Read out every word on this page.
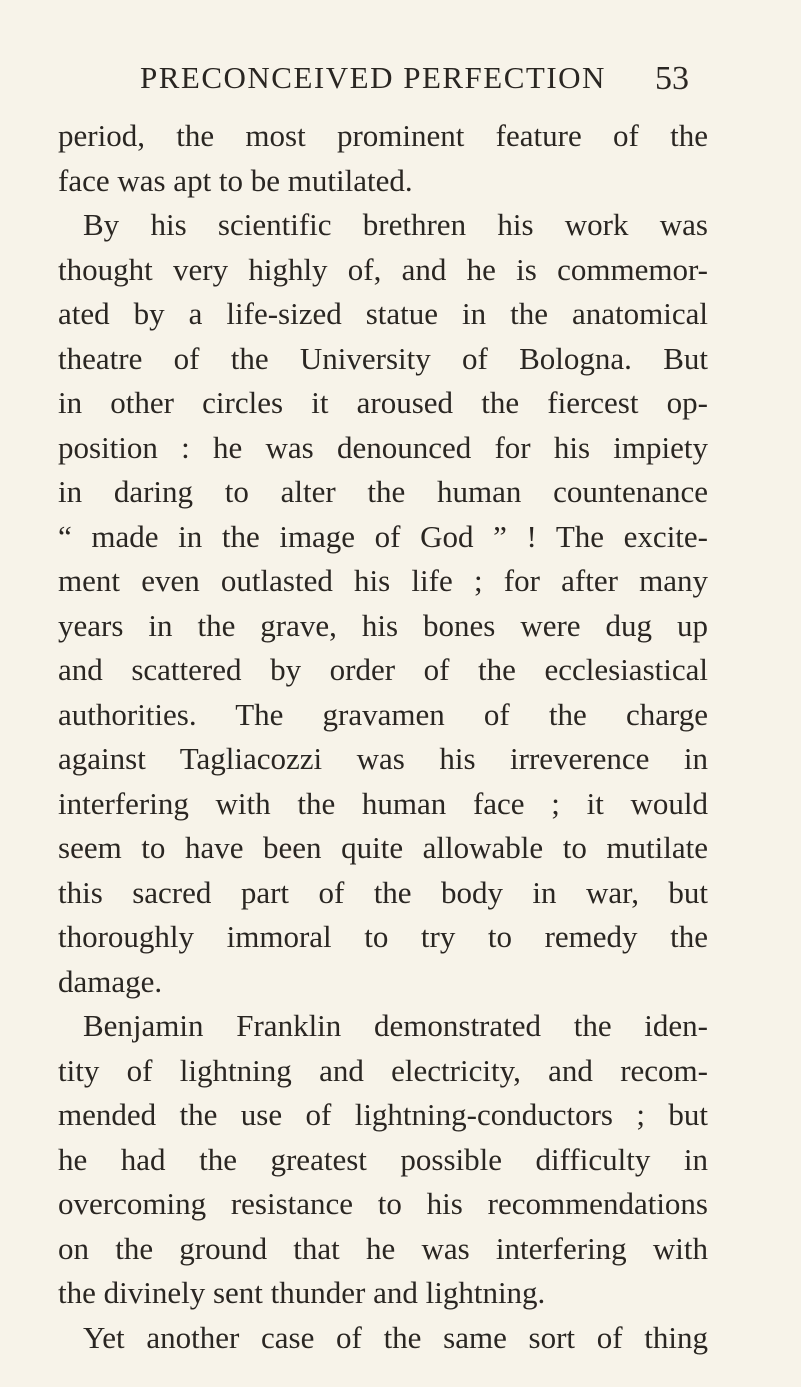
PRECONCEIVED PERFECTION 53
period, the most prominent feature of the
face was apt to be mutilated.
By his scientific brethren his work was
thought very highly of, and he is commemor-
ated by a life-sized statue in the anatomical
theatre of the University of Bologna. But
in other circles it aroused the fiercest op-
position : he was denounced for his impiety
in daring to alter the human countenance
“ made in the image of God ” ! The excite-
ment even outlasted his life ; for after many
years in the grave, his bones were dug up
and scattered by order of the ecclesiastical
authorities. The gravamen of the charge
against Tagliacozzi was his irreverence in
interfering with the human face ; it would
seem to have been quite allowable to mutilate
this sacred part of the body in war, but
thoroughly immoral to try to remedy the
damage.
Benjamin Franklin demonstrated the iden-
tity of lightning and electricity, and recom-
mended the use of lightning-conductors ; but
he had the greatest possible difficulty in
overcoming resistance to his recommendations
on the ground that he was interfering with
the divinely sent thunder and lightning.
Yet another case of the same sort of thing
